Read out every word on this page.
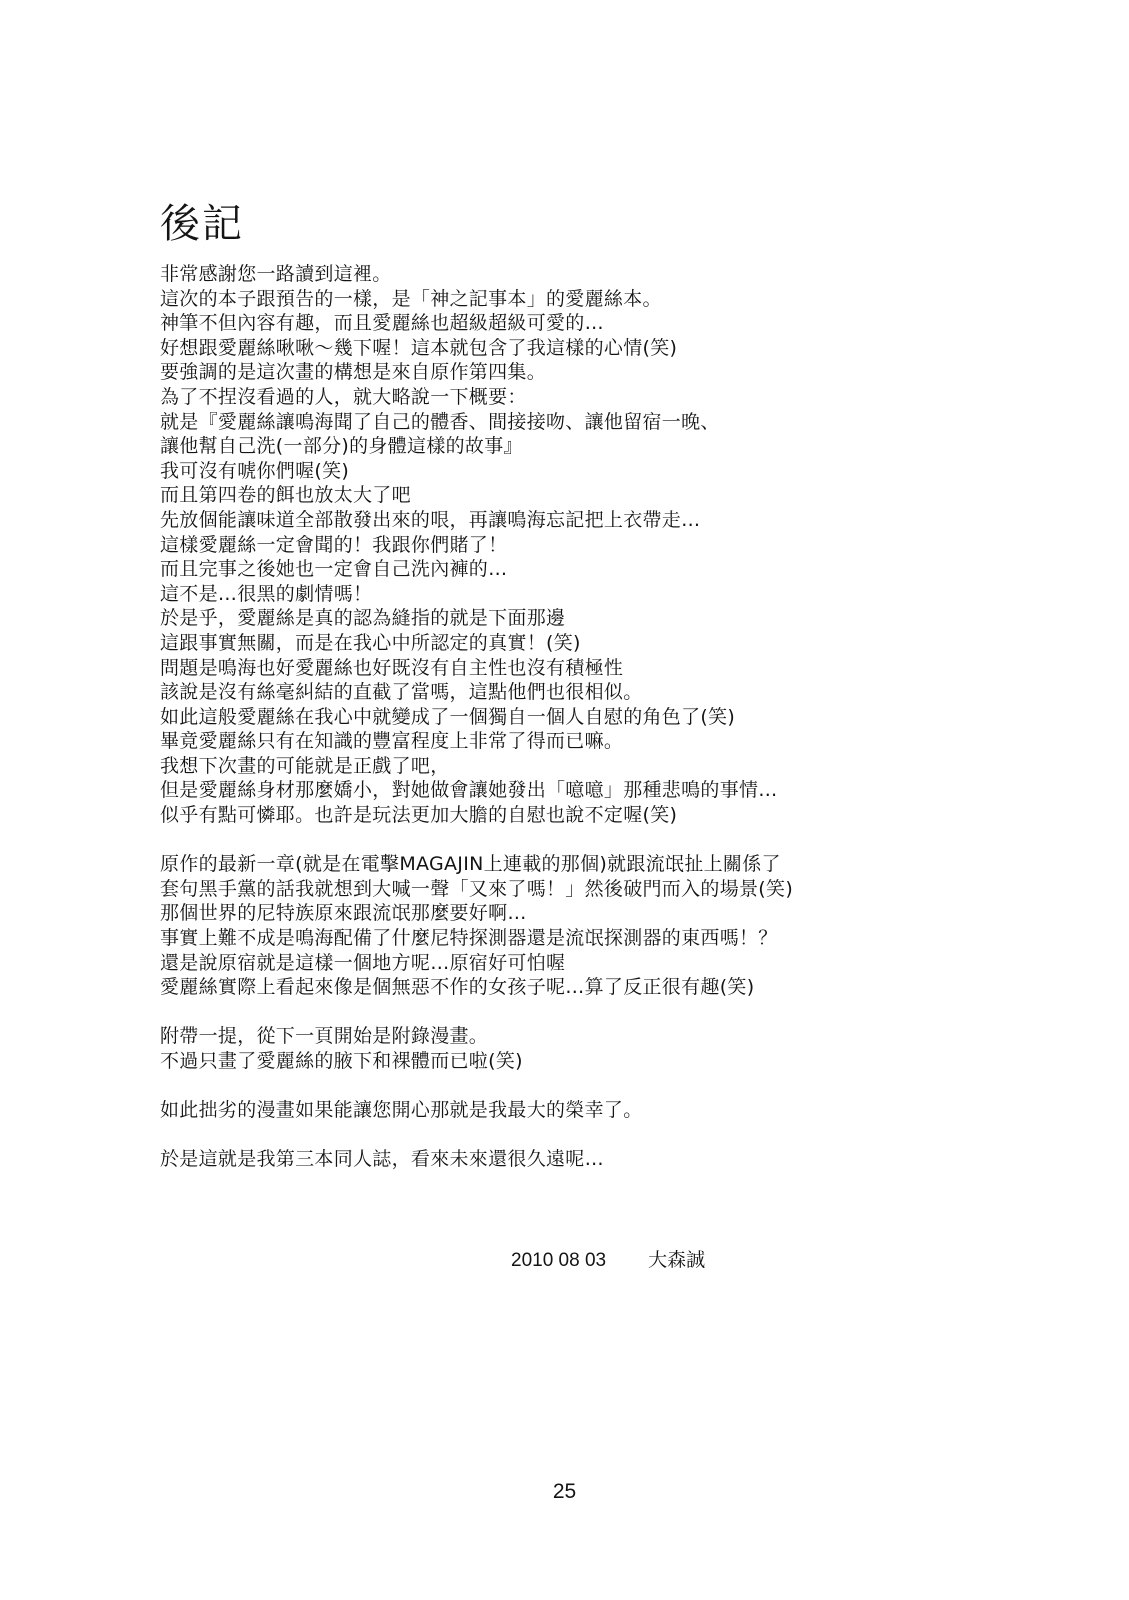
後記
非常感謝您一路讀到這裡。
這次的本子跟預告的一樣，是「神之記事本」的愛麗絲本。
神筆不但內容有趣，而且愛麗絲也超級超級可愛的…
好想跟愛麗絲啾啾～幾下喔！這本就包含了我這樣的心情(笑)
要強調的是這次畫的構想是來自原作第四集。
為了不捏沒看過的人，就大略說一下概要：
就是『愛麗絲讓鳴海聞了自己的體香、間接接吻、讓他留宿一晚、
讓他幫自己洗(一部分)的身體這樣的故事』
我可沒有唬你們喔(笑)
而且第四卷的餌也放太大了吧
先放個能讓味道全部散發出來的哏，再讓鳴海忘記把上衣帶走…
這樣愛麗絲一定會聞的！我跟你們賭了！
而且完事之後她也一定會自己洗內褲的…
這不是…很黑的劇情嗎！
於是乎，愛麗絲是真的認為縫指的就是下面那邊
這跟事實無關，而是在我心中所認定的真實！(笑)
問題是鳴海也好愛麗絲也好既沒有自主性也沒有積極性
該說是沒有絲毫糾結的直截了當嗎，這點他們也很相似。
如此這般愛麗絲在我心中就變成了一個獨自一個人自慰的角色了(笑)
畢竟愛麗絲只有在知識的豐富程度上非常了得而已嘛。
我想下次畫的可能就是正戲了吧，
但是愛麗絲身材那麼嬌小，對她做會讓她發出「噫噫」那種悲鳴的事情…
似乎有點可憐耶。也許是玩法更加大膽的自慰也說不定喔(笑)
原作的最新一章(就是在電擊MAGAJIN上連載的那個)就跟流氓扯上關係了
套句黑手黨的話我就想到大喊一聲「又來了嗎！」然後破門而入的場景(笑)
那個世界的尼特族原來跟流氓那麼要好啊…
事實上難不成是鳴海配備了什麼尼特探測器還是流氓探測器的東西嗎！？
還是說原宿就是這樣一個地方呢…原宿好可怕喔
愛麗絲實際上看起來像是個無惡不作的女孩子呢…算了反正很有趣(笑)
附帶一提，從下一頁開始是附錄漫畫。
不過只畫了愛麗絲的腋下和裸體而已啦(笑)
如此拙劣的漫畫如果能讓您開心那就是我最大的榮幸了。
於是這就是我第三本同人誌，看來未來還很久遠呢…
2010 08 03 大森誠
25
